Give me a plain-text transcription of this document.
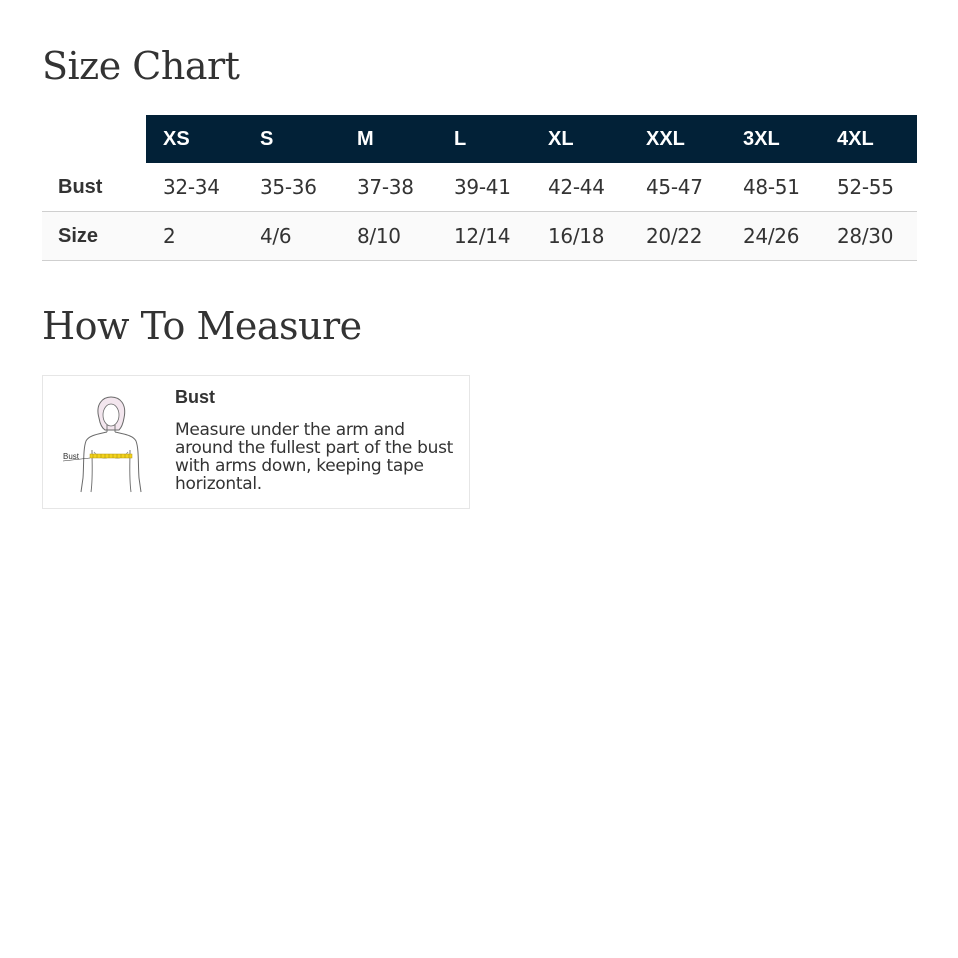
Size Chart
	XS	S	M	L	XL	XXL	3XL	4XL
Bust	32-34	35-36	37-38	39-41	42-44	45-47	48-51	52-55
Size	2	4/6	8/10	12/14	16/18	20/22	24/26	28/30
How To Measure
Bust
Bust
Measure under the arm and around the fullest part of the bust with arms down, keeping tape horizontal.
